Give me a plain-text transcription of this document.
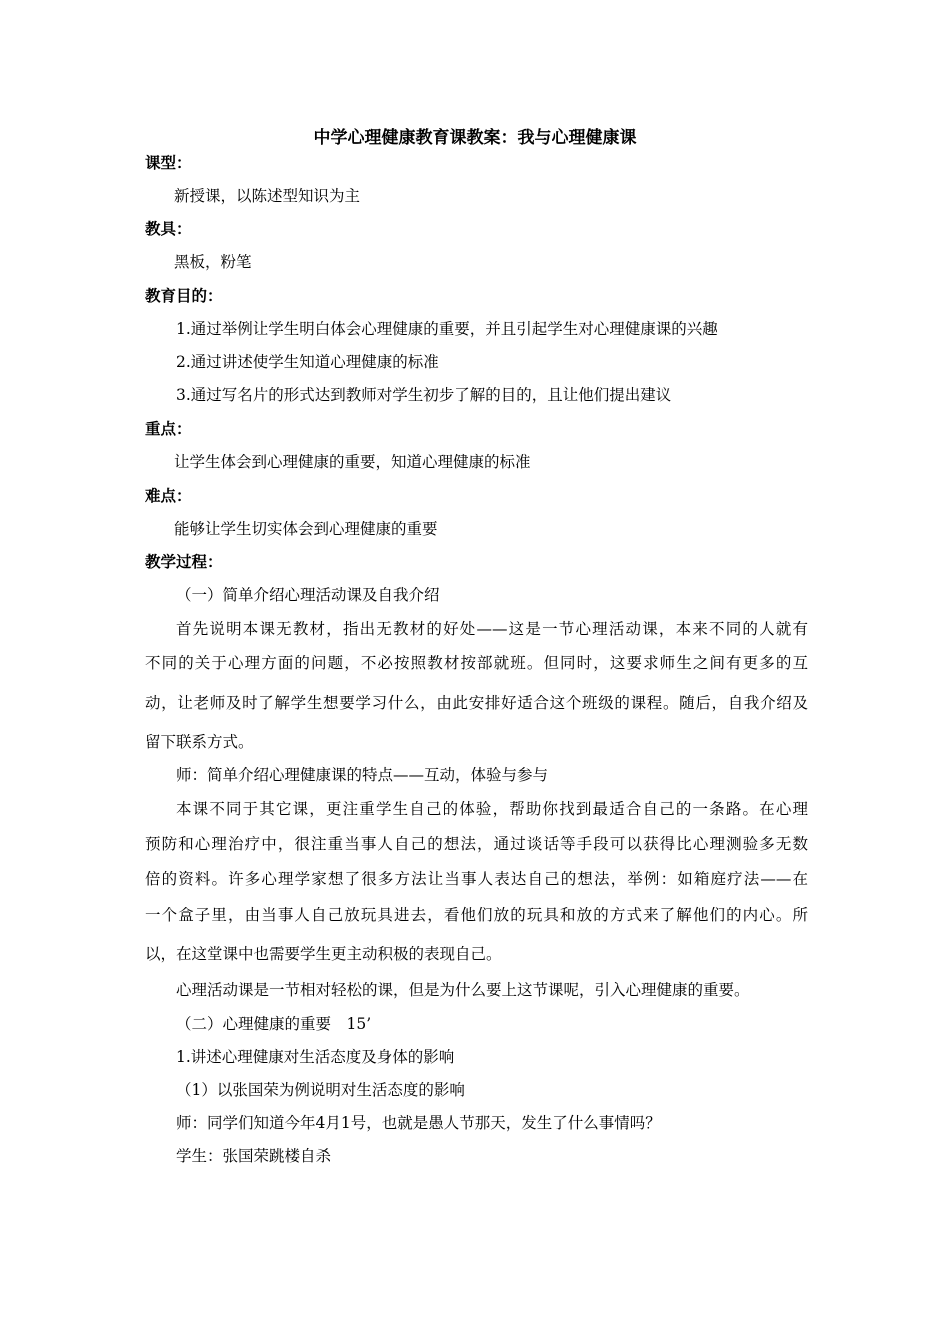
中学心理健康教育课教案：我与心理健康课
课型：
新授课，以陈述型知识为主
教具：
黑板，粉笔
教育目的：
1.通过举例让学生明白体会心理健康的重要，并且引起学生对心理健康课的兴趣
2.通过讲述使学生知道心理健康的标准
3.通过写名片的形式达到教师对学生初步了解的目的，且让他们提出建议
重点：
让学生体会到心理健康的重要，知道心理健康的标准
难点：
能够让学生切实体会到心理健康的重要
教学过程：
（一）简单介绍心理活动课及自我介绍
首先说明本课无教材，指出无教材的好处——这是一节心理活动课，本来不同的人就有
不同的关于心理方面的问题，不必按照教材按部就班。但同时，这要求师生之间有更多的互
动，让老师及时了解学生想要学习什么，由此安排好适合这个班级的课程。随后，自我介绍及
留下联系方式。
师：简单介绍心理健康课的特点——互动，体验与参与
本课不同于其它课，更注重学生自己的体验，帮助你找到最适合自己的一条路。在心理
预防和心理治疗中，很注重当事人自己的想法，通过谈话等手段可以获得比心理测验多无数
倍的资料。许多心理学家想了很多方法让当事人表达自己的想法，举例：如箱庭疗法——在
一个盒子里，由当事人自己放玩具进去，看他们放的玩具和放的方式来了解他们的内心。所
以，在这堂课中也需要学生更主动积极的表现自己。
心理活动课是一节相对轻松的课，但是为什么要上这节课呢，引入心理健康的重要。
（二）心理健康的重要　15’
1.讲述心理健康对生活态度及身体的影响
（1）以张国荣为例说明对生活态度的影响
师：同学们知道今年4月1号，也就是愚人节那天，发生了什么事情吗？
学生：张国荣跳楼自杀
